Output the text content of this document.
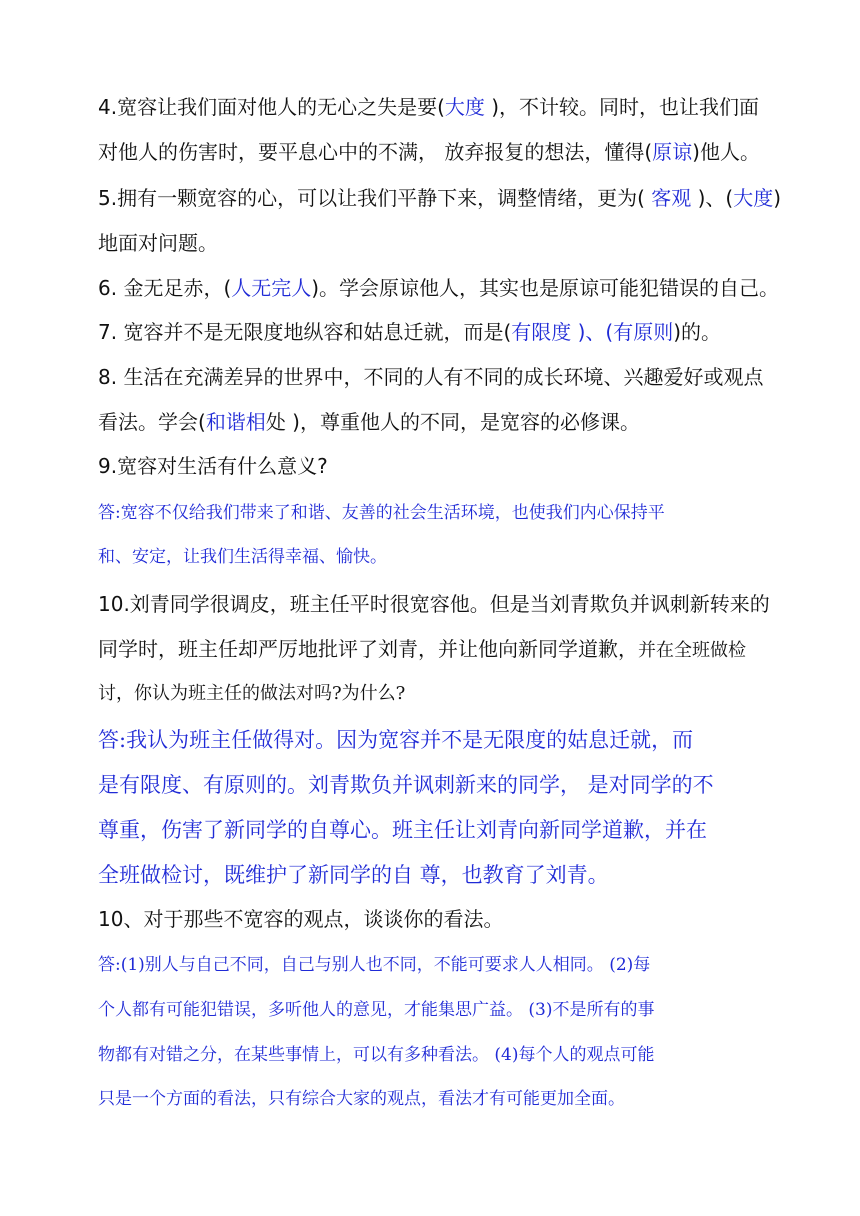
4.宽容让我们面对他人的无心之失是要(大度 )，不计较。同时，也让我们面
对他人的伤害时，要平息心中的不满， 放弃报复的想法，懂得(原谅)他人。
5.拥有一颗宽容的心，可以让我们平静下来，调整情绪，更为( 客观 )、(大度)
地面对问题。
6. 金无足赤，(人无完人)。学会原谅他人，其实也是原谅可能犯错误的自己。
7. 宽容并不是无限度地纵容和姑息迁就，而是(有限度 )、(有原则)的。
8. 生活在充满差异的世界中，不同的人有不同的成长环境、兴趣爱好或观点
看法。学会(和谐相处 )，尊重他人的不同，是宽容的必修课。
9.宽容对生活有什么意义?
答:宽容不仅给我们带来了和谐、友善的社会生活环境，也使我们内心保持平
和、安定，让我们生活得幸福、愉快。
10.刘青同学很调皮，班主任平时很宽容他。但是当刘青欺负并讽刺新转来的
同学时，班主任却严厉地批评了刘青，并让他向新同学道歉，并在全班做检
讨，你认为班主任的做法对吗?为什么?
答:我认为班主任做得对。因为宽容并不是无限度的姑息迁就，而
是有限度、有原则的。刘青欺负并讽刺新来的同学， 是对同学的不
尊重，伤害了新同学的自尊心。班主任让刘青向新同学道歉，并在
全班做检讨，既维护了新同学的自 尊，也教育了刘青。
10、对于那些不宽容的观点，谈谈你的看法。
答:(1)别人与自己不同，自己与别人也不同，不能可要求人人相同。 (2)每
个人都有可能犯错误，多听他人的意见，才能集思广益。 (3)不是所有的事
物都有对错之分，在某些事情上，可以有多种看法。 (4)每个人的观点可能
只是一个方面的看法，只有综合大家的观点，看法才有可能更加全面。
